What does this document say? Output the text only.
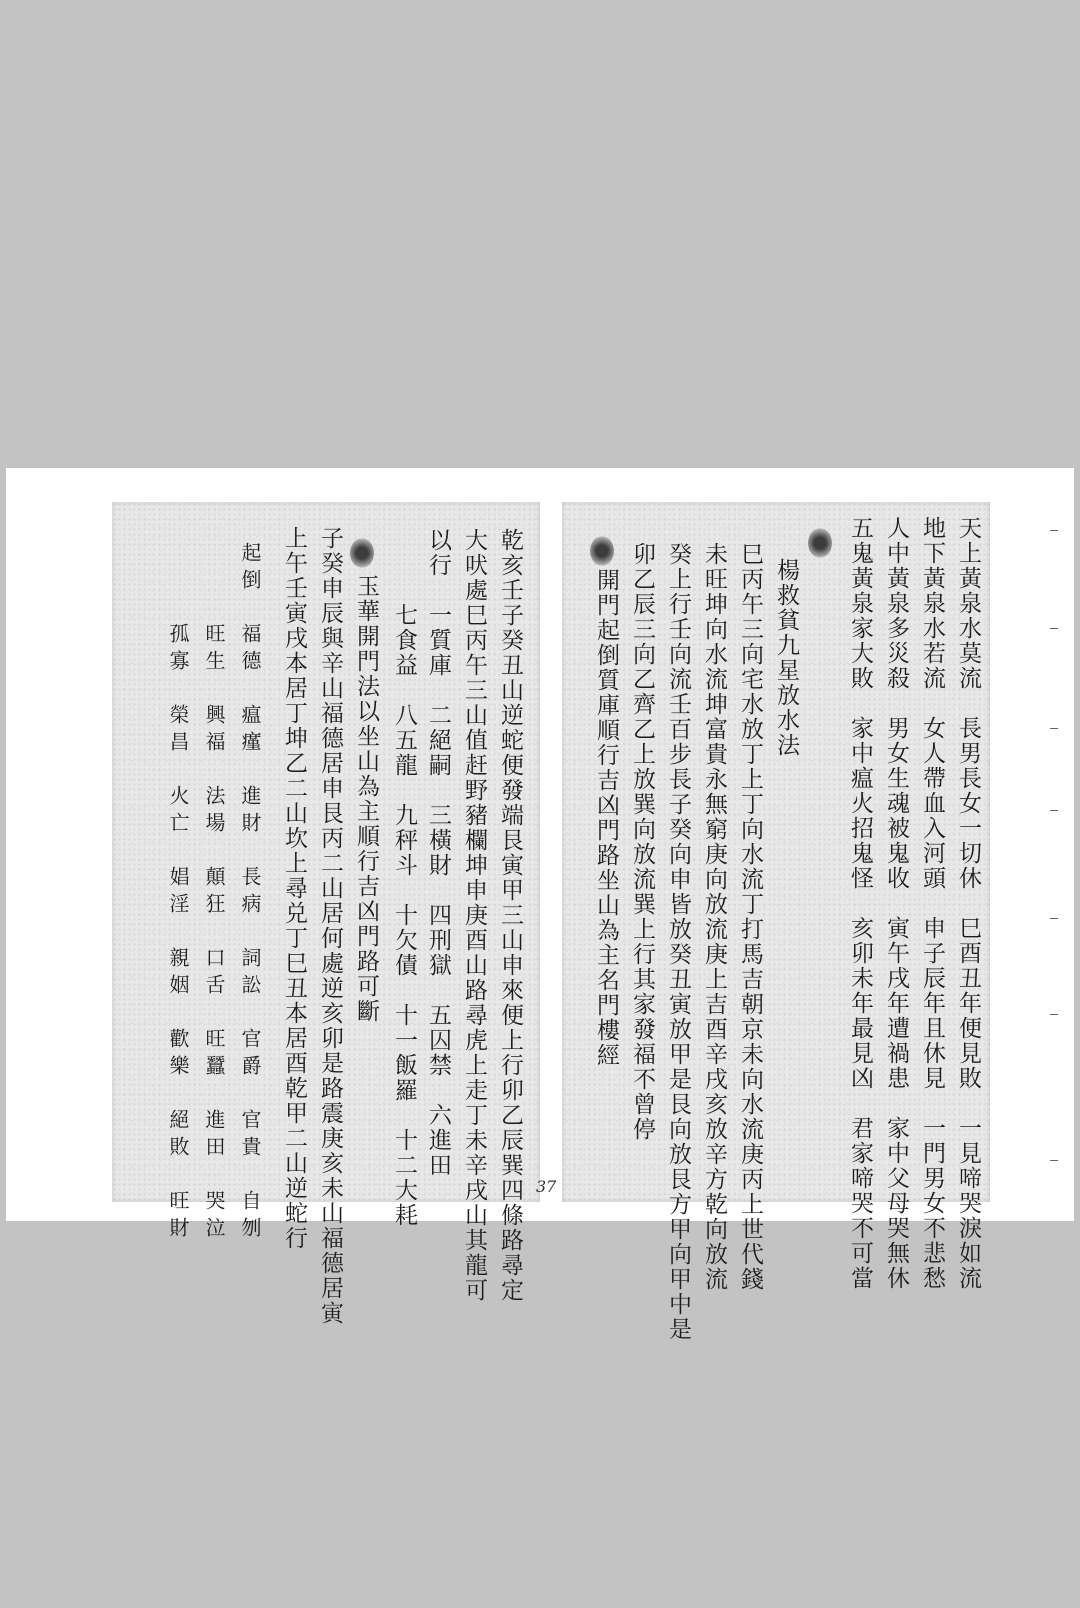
天上黃泉水莫流　長男長女一切休　巳酉丑年便見敗　一見啼哭淚如流
地下黃泉水若流　女人帶血入河頭　申子辰年且休見　一門男女不悲愁
人中黃泉多災殺　男女生魂被鬼收　寅午戌年遭禍患　家中父母哭無休
五鬼黃泉家大敗　家中瘟火招鬼怪　亥卯未年最見凶　君家啼哭不可當
楊救貧九星放水法
巳丙午三向宅水放丁上丁向水流丁打馬吉朝京未向水流庚丙上世代錢
未旺坤向水流坤富貴永無窮庚向放流庚上吉酉辛戌亥放辛方乾向放流
癸上行壬向流壬百步長子癸向申皆放癸丑寅放甲是艮向放艮方甲向甲中是
卯乙辰三向乙齊乙上放巽向放流巽上行其家發福不曾停
開門起倒質庫順行吉凶門路坐山為主名門樓經
乾亥壬子癸丑山逆蛇便發端艮寅甲三山申來便上行卯乙辰巽四條路尋定
大吠處巳丙午三山值赶野豬欄坤申庚酉山路尋虎上走丁未辛戌山其龍可
以行　一質庫　二絕嗣　三橫財　四刑獄　五囚禁　六進田
　　　七食益　八五龍　九秤斗　十欠債　十一飯羅　十二大耗
玉華開門法以坐山為主順行吉凶門路可斷
子癸申辰與辛山福德居申艮丙二山居何處逆亥卯是路震庚亥未山福德居寅
上午壬寅戌本居丁坤乙二山坎上尋兑丁巳丑本居酉乾甲二山逆蛇行
起倒　福德　瘟瘽　進財　長病　詞訟　官爵　官貴　自刎
　　　旺生　興福　法場　顛狂　口舌　旺蠶　進田　哭泣
　　　孤寡　榮昌　火亡　娼淫　親姻　歡樂　絕敗　旺財	37
